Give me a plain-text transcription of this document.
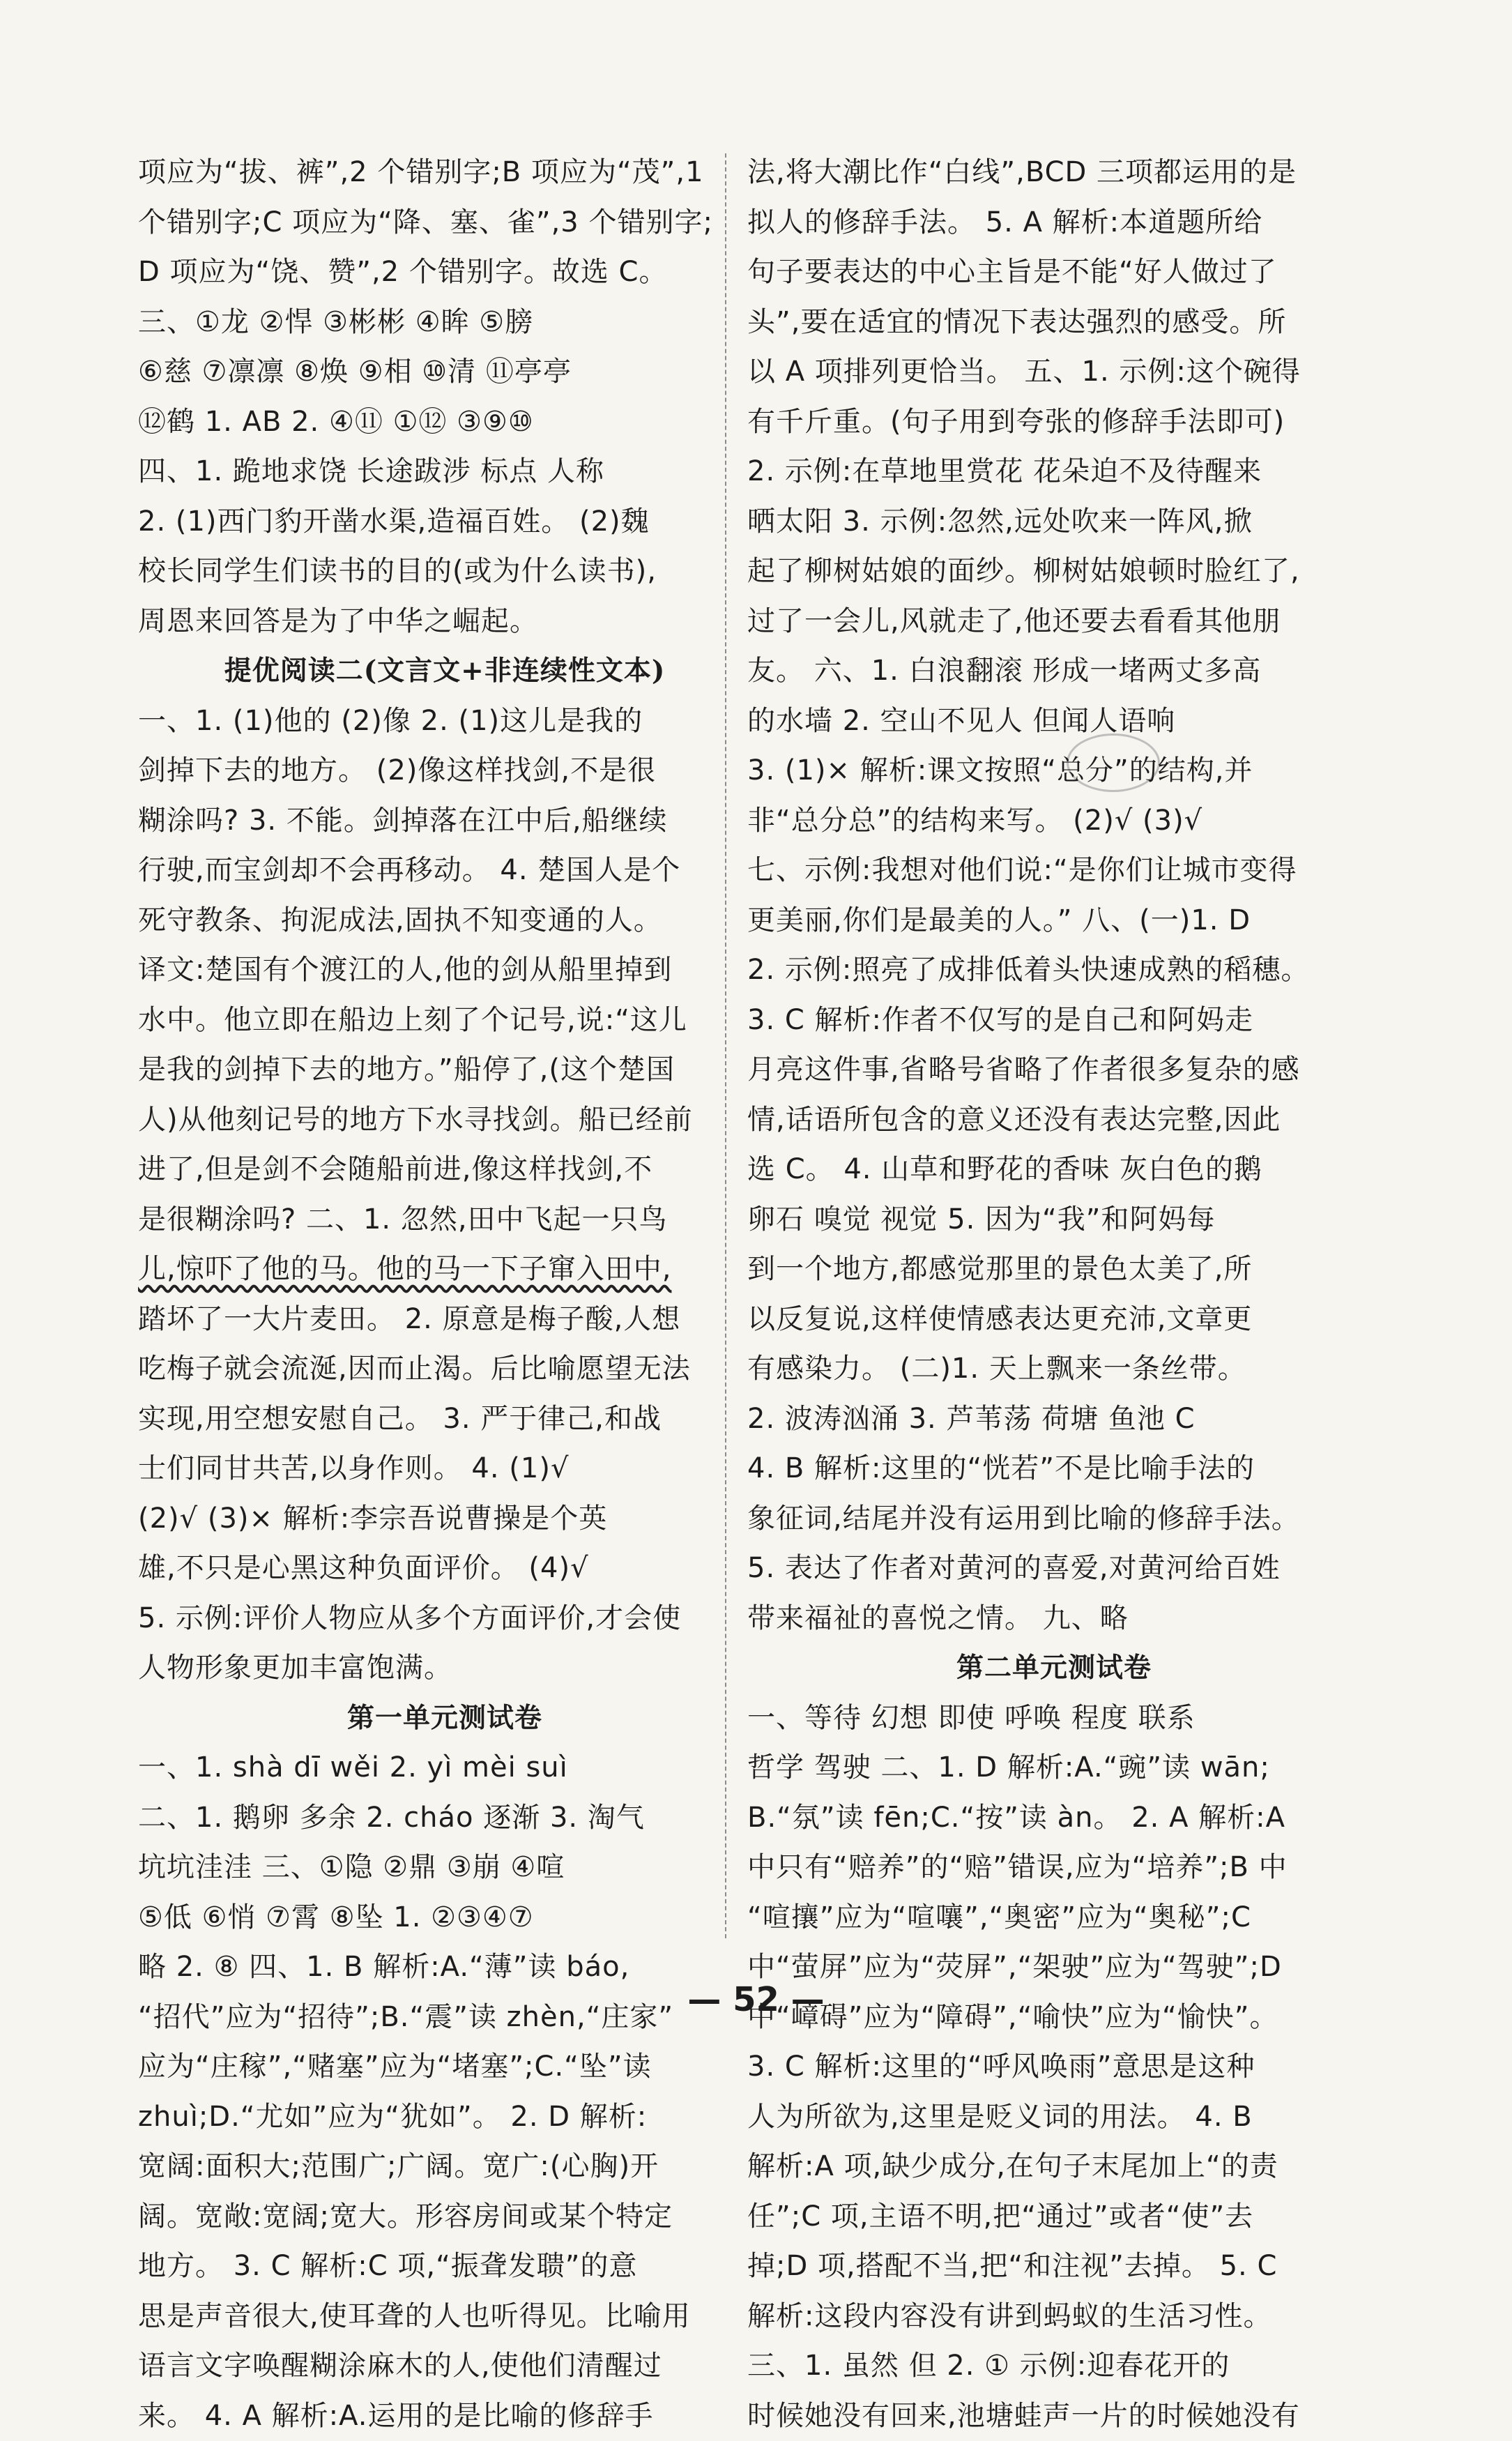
项应为“拔、裤”,2 个错别字;B 项应为“茂”,1
个错别字;C 项应为“降、塞、雀”,3 个错别字;
D 项应为“饶、赞”,2 个错别字。故选 C。
三、①龙 ②悍 ③彬彬 ④眸 ⑤膀
⑥慈 ⑦凛凛 ⑧焕 ⑨相 ⑩清 ⑪亭亭
⑫鹤 1. AB 2. ④⑪ ①⑫ ③⑨⑩
四、1. 跪地求饶 长途跋涉 标点 人称
2. (1)西门豹开凿水渠,造福百姓。 (2)魏
校长同学生们读书的目的(或为什么读书),
周恩来回答是为了中华之崛起。
提优阅读二(文言文+非连续性文本)
一、1. (1)他的 (2)像 2. (1)这儿是我的
剑掉下去的地方。 (2)像这样找剑,不是很
糊涂吗? 3. 不能。剑掉落在江中后,船继续
行驶,而宝剑却不会再移动。 4. 楚国人是个
死守教条、拘泥成法,固执不知变通的人。
译文:楚国有个渡江的人,他的剑从船里掉到
水中。他立即在船边上刻了个记号,说:“这儿
是我的剑掉下去的地方。”船停了,(这个楚国
人)从他刻记号的地方下水寻找剑。船已经前
进了,但是剑不会随船前进,像这样找剑,不
是很糊涂吗? 二、1. 忽然,田中飞起一只鸟
儿,惊吓了他的马。他的马一下子窜入田中,
踏坏了一大片麦田。 2. 原意是梅子酸,人想
吃梅子就会流涎,因而止渴。后比喻愿望无法
实现,用空想安慰自己。 3. 严于律己,和战
士们同甘共苦,以身作则。 4. (1)√
(2)√ (3)× 解析:李宗吾说曹操是个英
雄,不只是心黑这种负面评价。 (4)√
5. 示例:评价人物应从多个方面评价,才会使
人物形象更加丰富饱满。
第一单元测试卷
一、1. shà dī wěi 2. yì mèi suì
二、1. 鹅卵 多余 2. cháo 逐渐 3. 淘气
坑坑洼洼 三、①隐 ②鼎 ③崩 ④喧
⑤低 ⑥悄 ⑦霄 ⑧坠 1. ②③④⑦
略 2. ⑧ 四、1. B 解析:A.“薄”读 báo,
“招代”应为“招待”;B.“震”读 zhèn,“庄家”
应为“庄稼”,“赌塞”应为“堵塞”;C.“坠”读
zhuì;D.“尤如”应为“犹如”。 2. D 解析:
宽阔:面积大;范围广;广阔。宽广:(心胸)开
阔。宽敞:宽阔;宽大。形容房间或某个特定
地方。 3. C 解析:C 项,“振聋发聩”的意
思是声音很大,使耳聋的人也听得见。比喻用
语言文字唤醒糊涂麻木的人,使他们清醒过
来。 4. A 解析:A.运用的是比喻的修辞手
法,将大潮比作“白线”,BCD 三项都运用的是
拟人的修辞手法。 5. A 解析:本道题所给
句子要表达的中心主旨是不能“好人做过了
头”,要在适宜的情况下表达强烈的感受。所
以 A 项排列更恰当。 五、1. 示例:这个碗得
有千斤重。(句子用到夸张的修辞手法即可)
2. 示例:在草地里赏花 花朵迫不及待醒来
晒太阳 3. 示例:忽然,远处吹来一阵风,掀
起了柳树姑娘的面纱。柳树姑娘顿时脸红了,
过了一会儿,风就走了,他还要去看看其他朋
友。 六、1. 白浪翻滚 形成一堵两丈多高
的水墙 2. 空山不见人 但闻人语响
3. (1)× 解析:课文按照“总分”的结构,并
非“总分总”的结构来写。 (2)√ (3)√
七、示例:我想对他们说:“是你们让城市变得
更美丽,你们是最美的人。” 八、(一)1. D
2. 示例:照亮了成排低着头快速成熟的稻穗。
3. C 解析:作者不仅写的是自己和阿妈走
月亮这件事,省略号省略了作者很多复杂的感
情,话语所包含的意义还没有表达完整,因此
选 C。 4. 山草和野花的香味 灰白色的鹅
卵石 嗅觉 视觉 5. 因为“我”和阿妈每
到一个地方,都感觉那里的景色太美了,所
以反复说,这样使情感表达更充沛,文章更
有感染力。 (二)1. 天上飘来一条丝带。
2. 波涛汹涌 3. 芦苇荡 荷塘 鱼池 C
4. B 解析:这里的“恍若”不是比喻手法的
象征词,结尾并没有运用到比喻的修辞手法。
5. 表达了作者对黄河的喜爱,对黄河给百姓
带来福祉的喜悦之情。 九、略
第二单元测试卷
一、等待 幻想 即使 呼唤 程度 联系
哲学 驾驶 二、1. D 解析:A.“豌”读 wān;
B.“氛”读 fēn;C.“按”读 àn。 2. A 解析:A
中只有“赔养”的“赔”错误,应为“培养”;B 中
“喧攘”应为“喧嚷”,“奥密”应为“奥秘”;C
中“萤屏”应为“荧屏”,“架驶”应为“驾驶”;D
中“嶂碍”应为“障碍”,“喻快”应为“愉快”。
3. C 解析:这里的“呼风唤雨”意思是这种
人为所欲为,这里是贬义词的用法。 4. B
解析:A 项,缺少成分,在句子末尾加上“的责
任”;C 项,主语不明,把“通过”或者“使”去
掉;D 项,搭配不当,把“和注视”去掉。 5. C
解析:这段内容没有讲到蚂蚁的生活习性。
三、1. 虽然 但 2. ① 示例:迎春花开的
时候她没有回来,池塘蛙声一片的时候她没有
— 52 —
